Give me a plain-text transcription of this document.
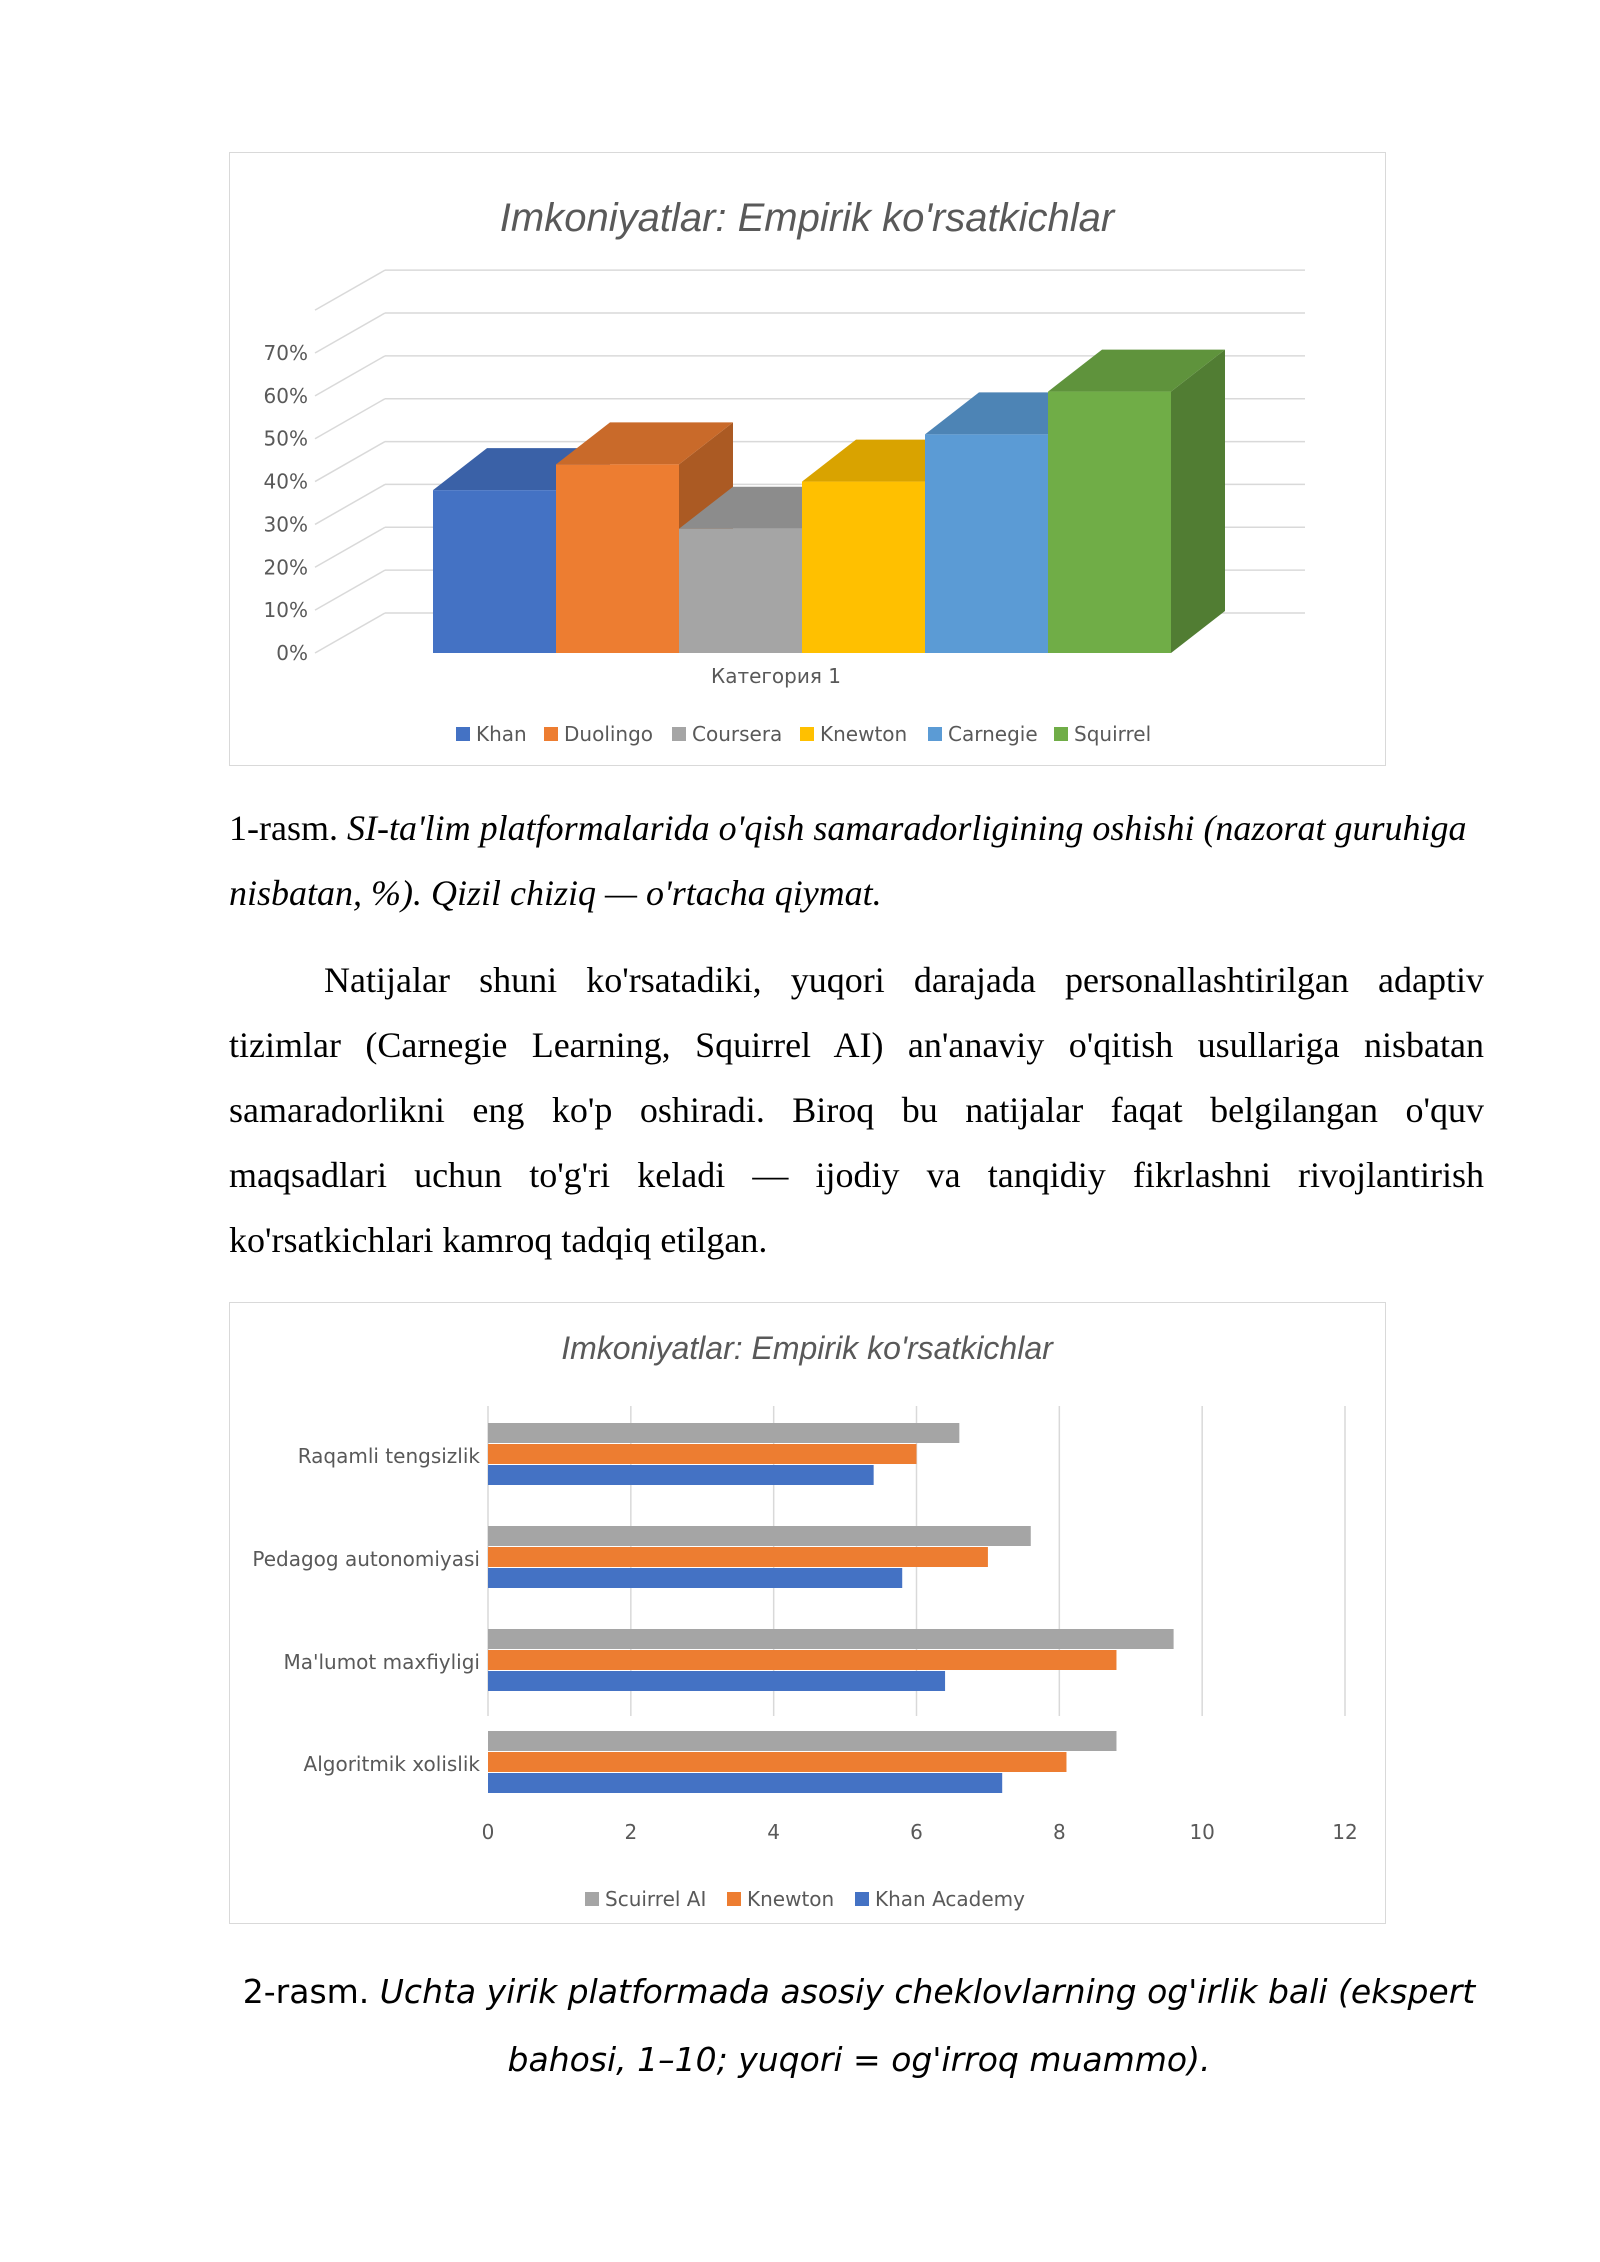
Imkoniyatlar: Empirik ko'rsatkichlar
0%
10%
20%
30%
40%
50%
60%
70%
Категория 1
Khan Duolingo Coursera Knewton Carnegie Squirrel
1-rasm. SI-ta'lim platformalarida o'qish samaradorligining oshishi (nazorat guruhiga nisbatan, %). Qizil chiziq — o'rtacha qiymat.

Natijalar shuni ko'rsatadiki, yuqori darajada personallashtirilgan adaptiv tizimlar (Carnegie Learning, Squirrel AI) an'anaviy o'qitish usullariga nisbatan samaradorlikni eng ko'p oshiradi. Biroq bu natijalar faqat belgilangan o'quv maqsadlari uchun to'g'ri keladi — ijodiy va tanqidiy fikrlashni rivojlantirish ko'rsatkichlari kamroq tadqiq etilgan.

Imkoniyatlar: Empirik ko'rsatkichlar
Raqamli tengsizlik
Pedagog autonomiyasi
Ma'lumot maxfiyligi
Algoritmik xolislik
0	2	4	6	8	10	12
Scuirrel AI Knewton Khan Academy
2-rasm. Uchta yirik platformada asosiy cheklovlarning og'irlik bali (ekspert bahosi, 1–10; yuqori = og'irroq muammo).
